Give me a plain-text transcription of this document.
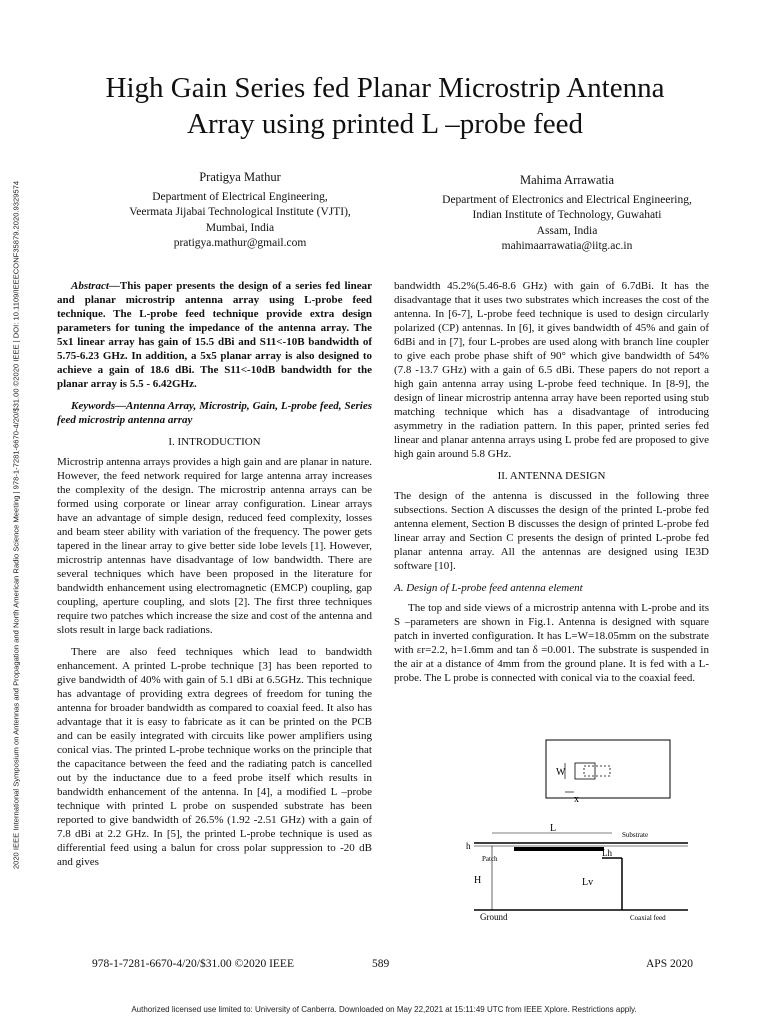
2020 IEEE International Symposium on Antennas and Propagation and North American Radio Science Meeting | 978-1-7281-6670-4/20/$31.00 ©2020 IEEE | DOI: 10.1109/IEEECONF35879.2020.9329574
High Gain Series fed Planar Microstrip Antenna
Array using printed L –probe feed
Pratigya Mathur
Department of Electrical Engineering,
Veermata Jijabai Technological Institute (VJTI),
Mumbai, India
pratigya.mathur@gmail.com
Mahima Arrawatia
Department of Electronics and Electrical Engineering,
Indian Institute of Technology, Guwahati
Assam, India
mahimaarrawatia@iitg.ac.in

Abstract—This paper presents the design of a series fed linear and planar microstrip antenna array using L-probe feed technique. The L-probe feed technique provide extra design parameters for tuning the impedance of the antenna array. The 5x1 linear array has gain of 15.5 dBi and S11<-10B bandwidth of 5.75-6.23 GHz. In addition, a 5x5 planar array is also designed to achieve a gain of 18.6 dBi. The S11<-10dB bandwidth for the planar array is 5.5 - 6.42GHz.

Keywords—Antenna Array, Microstrip, Gain, L-probe feed, Series feed microstrip antenna array

I. INTRODUCTION

Microstrip antenna arrays provides a high gain and are planar in nature. However, the feed network required for large antenna array increases the complexity of the design. The microstrip antenna arrays can be formed using corporate or linear array configuration. Linear arrays have an advantage of simple design, reduced feed complexity, losses and beam steer ability with variation of the frequency. The power gets tapered in the linear array to give better side lobe levels [1]. However, microstrip antennas have disadvantage of low bandwidth. There are several techniques which have been proposed in the literature for bandwidth enhancement using electromagnetic (EMCP) coupling, gap coupling, aperture coupling, and slots [2]. The first three techniques require two patches which increase the size and cost of the antenna and slots result in large back radiations.

There are also feed techniques which lead to bandwidth enhancement. A printed L-probe technique [3] has been reported to give bandwidth of 40% with gain of 5.1 dBi at 6.5GHz. This technique has advantage of providing extra degrees of freedom for tuning the antenna for broader bandwidth as compared to coaxial feed. It also has advantage that it is easy to fabricate as it can be printed on the PCB and can be easily integrated with circuits like power amplifiers using conical vias. The printed L-probe technique works on the principle that the capacitance between the feed and the radiating patch is cancelled out by the inductance due to a feed probe itself which results in bandwidth enhancement of the antenna. In [4], a modified L –probe technique with printed L probe on suspended substrate has been reported to give bandwidth of 26.5% (1.92 -2.51 GHz) with a gain of 7.8 dBi at 2.2 GHz. In [5], the printed L-probe technique is used as differential feed using a balun for cross polar suppression to -20 dB and gives

bandwidth 45.2%(5.46-8.6 GHz) with gain of 6.7dBi. It has the disadvantage that it uses two substrates which increases the cost of the antenna. In [6-7], L-probe feed technique is used to design circularly polarized (CP) antennas. In [6], it gives bandwidth of 45% and gain of 6dBi and in [7], four L-probes are used along with branch line coupler to give each probe phase shift of 90° which give bandwidth of 54% (7.8 -13.7 GHz) with a gain of 6.5 dBi. These papers do not report a high gain antenna array using L-probe feed technique. In [8-9], the design of linear microstrip antenna array have been reported using stub matching technique which has a disadvantage of introducing asymmetry in the radiation pattern. In this paper, printed series fed linear and planar antenna arrays using L probe fed are proposed to give high gain around 5.8 GHz.

II. ANTENNA DESIGN

The design of the antenna is discussed in the following three subsections. Section A discusses the design of the printed L-probe fed antenna element, Section B discusses the design of printed L-probe fed linear array and Section C presents the design of printed L-probe fed planar antenna array. All the antennas are designed using IE3D software [10].

A. Design of L-probe feed antenna element

The top and side views of a microstrip antenna with L-probe and its S –parameters are shown in Fig.1. Antenna is designed with square patch in inverted configuration. It has L=W=18.05mm on the substrate with εr=2.2, h=1.6mm and tan δ =0.001. The substrate is suspended in the air at a distance of 4mm from the ground plane. It is fed with a L-probe. The L probe is connected with conical via to the coaxial feed.

W
x
L
Substrate
h
Patch
Lh
Lv
H
Ground	Coaxial feed
978-1-7281-6670-4/20/$31.00 ©2020 IEEE	589	APS 2020
Authorized licensed use limited to: University of Canberra. Downloaded on May 22,2021 at 15:11:49 UTC from IEEE Xplore. Restrictions apply.
